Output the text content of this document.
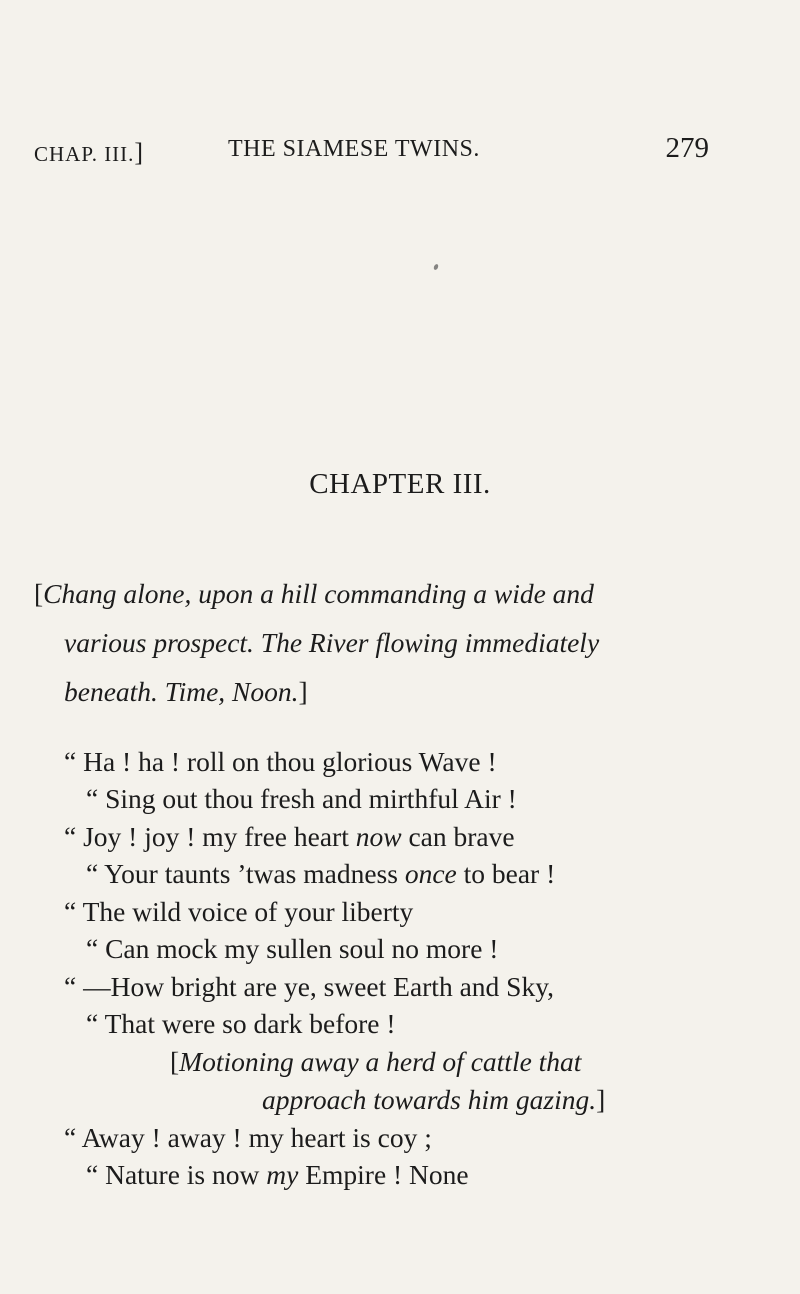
CHAP. III.]	THE SIAMESE TWINS.	279
CHAPTER III.
[Chang alone, upon a hill commanding a wide and
various prospect. The River flowing immediately
beneath. Time, Noon.]
“ Ha ! ha ! roll on thou glorious Wave !
“ Sing out thou fresh and mirthful Air !
“ Joy ! joy ! my free heart now can brave
“ Your taunts ’twas madness once to bear !
“ The wild voice of your liberty
“ Can mock my sullen soul no more !
“ —How bright are ye, sweet Earth and Sky,
“ That were so dark before !
[Motioning away a herd of cattle that
approach towards him gazing.]
“ Away ! away ! my heart is coy ;
“ Nature is now my Empire ! None
